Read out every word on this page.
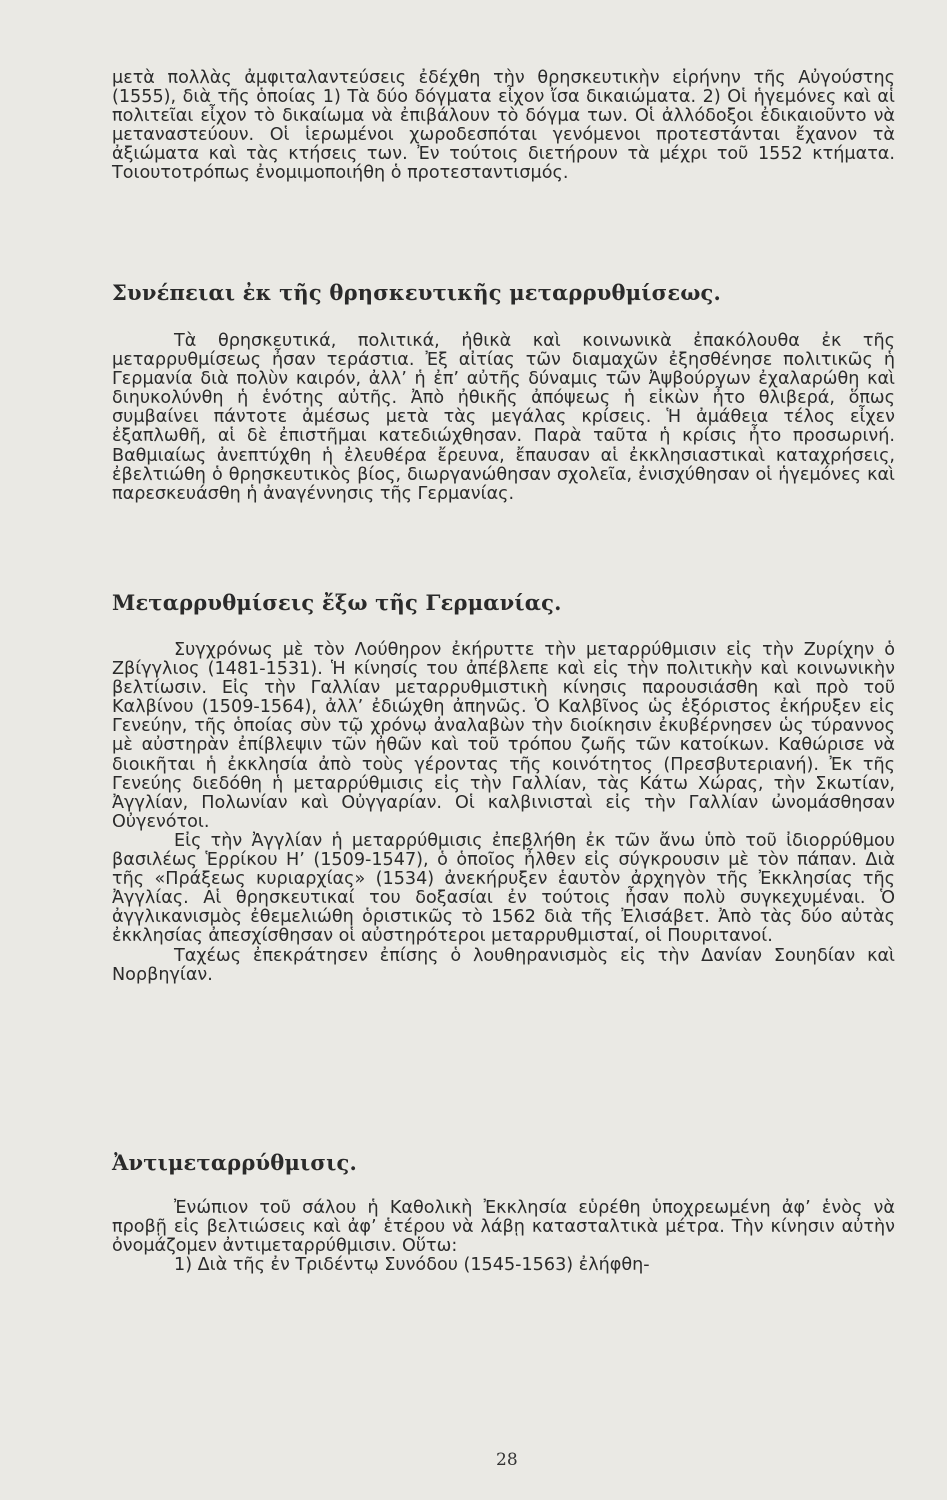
μετὰ πολλὰς ἀμφιταλαντεύσεις ἐδέχθη τὴν θρησκευτικὴν εἰρήνην τῆς Αὐγούστης (1555), διὰ τῆς ὁποίας 1) Τὰ δύο δόγματα εἶχον ἴσα δικαιώματα. 2) Οἱ ἡγεμόνες καὶ αἱ πολιτεῖαι εἶχον τὸ δικαίωμα νὰ ἐπιβάλουν τὸ δόγμα των. Οἱ ἀλλόδοξοι ἐδικαιοῦντο νὰ μεταναστεύουν. Οἱ ἱερωμένοι χωροδεσπόται γενόμενοι προτεστάνται ἔχανον τὰ ἀξιώματα καὶ τὰς κτήσεις των. Ἐν τούτοις διετήρουν τὰ μέχρι τοῦ 1552 κτήματα. Τοιουτοτρόπως ἐνομιμοποιήθη ὁ προτεσταντισμός.

Συνέπειαι ἐκ τῆς θρησκευτικῆς μεταρρυθμίσεως.

Τὰ θρησκευτικά, πολιτικά, ἠθικὰ καὶ κοινωνικὰ ἐπακόλουθα ἐκ τῆς μεταρρυθμίσεως ἦσαν τεράστια. Ἐξ αἰτίας τῶν διαμαχῶν ἐξησθένησε πολιτικῶς ἡ Γερμανία διὰ πολὺν καιρόν, ἀλλ’ ἡ ἐπ’ αὐτῆς δύναμις τῶν Ἀψβούργων ἐχαλαρώθη καὶ διηυκολύνθη ἡ ἑνότης αὐτῆς. Ἀπὸ ἠθικῆς ἀπόψεως ἡ εἰκὼν ἦτο θλιβερά, ὅπως συμβαίνει πάντοτε ἀμέσως μετὰ τὰς μεγάλας κρίσεις. Ἡ ἀμάθεια τέλος εἶχεν ἐξαπλωθῆ, αἱ δὲ ἐπιστῆμαι κατεδιώχθησαν. Παρὰ ταῦτα ἡ κρίσις ἦτο προσωρινή. Βαθμιαίως ἀνεπτύχθη ἡ ἐλευθέρα ἔρευνα, ἔπαυσαν αἱ ἐκκλησιαστικαὶ καταχρήσεις, ἐβελτιώθη ὁ θρησκευτικὸς βίος, διωργανώθησαν σχολεῖα, ἐνισχύθησαν οἱ ἡγεμόνες καὶ παρεσκευάσθη ἡ ἀναγέννησις τῆς Γερμανίας.

Μεταρρυθμίσεις ἔξω τῆς Γερμανίας.

Συγχρόνως μὲ τὸν Λούθηρον ἐκήρυττε τὴν μεταρρύθμισιν εἰς τὴν Ζυρίχην ὁ Ζβίγγλιος (1481-1531). Ἡ κίνησίς του ἀπέβλεπε καὶ εἰς τὴν πολιτικὴν καὶ κοινωνικὴν βελτίωσιν. Εἰς τὴν Γαλλίαν μεταρρυθμιστικὴ κίνησις παρουσιάσθη καὶ πρὸ τοῦ Καλβίνου (1509-1564), ἀλλ’ ἐδιώχθη ἀπηνῶς. Ὁ Καλβῖνος ὡς ἐξόριστος ἐκήρυξεν εἰς Γενεύην, τῆς ὁποίας σὺν τῷ χρόνῳ ἀναλαβὼν τὴν διοίκησιν ἐκυβέρνησεν ὡς τύραννος μὲ αὐστηρὰν ἐπίβλεψιν τῶν ἠθῶν καὶ τοῦ τρόπου ζωῆς τῶν κατοίκων. Καθώρισε νὰ διοικῆται ἡ ἐκκλησία ἀπὸ τοὺς γέροντας τῆς κοινότητος (Πρεσβυτεριανή). Ἐκ τῆς Γενεύης διεδόθη ἡ μεταρρύθμισις εἰς τὴν Γαλλίαν, τὰς Κάτω Χώρας, τὴν Σκωτίαν, Ἀγγλίαν, Πολωνίαν καὶ Οὐγγαρίαν. Οἱ καλβινισταὶ εἰς τὴν Γαλλίαν ὠνομάσθησαν Οὐγενότοι.

Εἰς τὴν Ἀγγλίαν ἡ μεταρρύθμισις ἐπεβλήθη ἐκ τῶν ἄνω ὑπὸ τοῦ ἰδιορρύθμου βασιλέως Ἑρρίκου Η’ (1509-1547), ὁ ὁποῖος ἦλθεν εἰς σύγκρουσιν μὲ τὸν πάπαν. Διὰ τῆς «Πράξεως κυριαρχίας» (1534) ἀνεκήρυξεν ἑαυτὸν ἀρχηγὸν τῆς Ἐκκλησίας τῆς Ἀγγλίας. Αἱ θρησκευτικαί του δοξασίαι ἐν τούτοις ἦσαν πολὺ συγκεχυμέναι. Ὁ ἀγγλικανισμὸς ἐθεμελιώθη ὁριστικῶς τὸ 1562 διὰ τῆς Ἐλισάβετ. Ἀπὸ τὰς δύο αὐτὰς ἐκκλησίας ἀπεσχίσθησαν οἱ αὐστηρότεροι μεταρρυθμισταί, οἱ Πουριτανοί.

Ταχέως ἐπεκράτησεν ἐπίσης ὁ λουθηρανισμὸς εἰς τὴν Δανίαν Σουηδίαν καὶ Νορβηγίαν.

Ἀντιμεταρρύθμισις.

Ἐνώπιον τοῦ σάλου ἡ Καθολικὴ Ἐκκλησία εὑρέθη ὑποχρεωμένη ἀφ’ ἑνὸς νὰ προβῇ εἰς βελτιώσεις καὶ ἀφ’ ἑτέρου νὰ λάβῃ κατασταλτικὰ μέτρα. Τὴν κίνησιν αὐτὴν ὀνομάζομεν ἀντιμεταρρύθμισιν. Οὕτω:

1) Διὰ τῆς ἐν Τριδέντῳ Συνόδου (1545-1563) ἐλήφθη-

28
